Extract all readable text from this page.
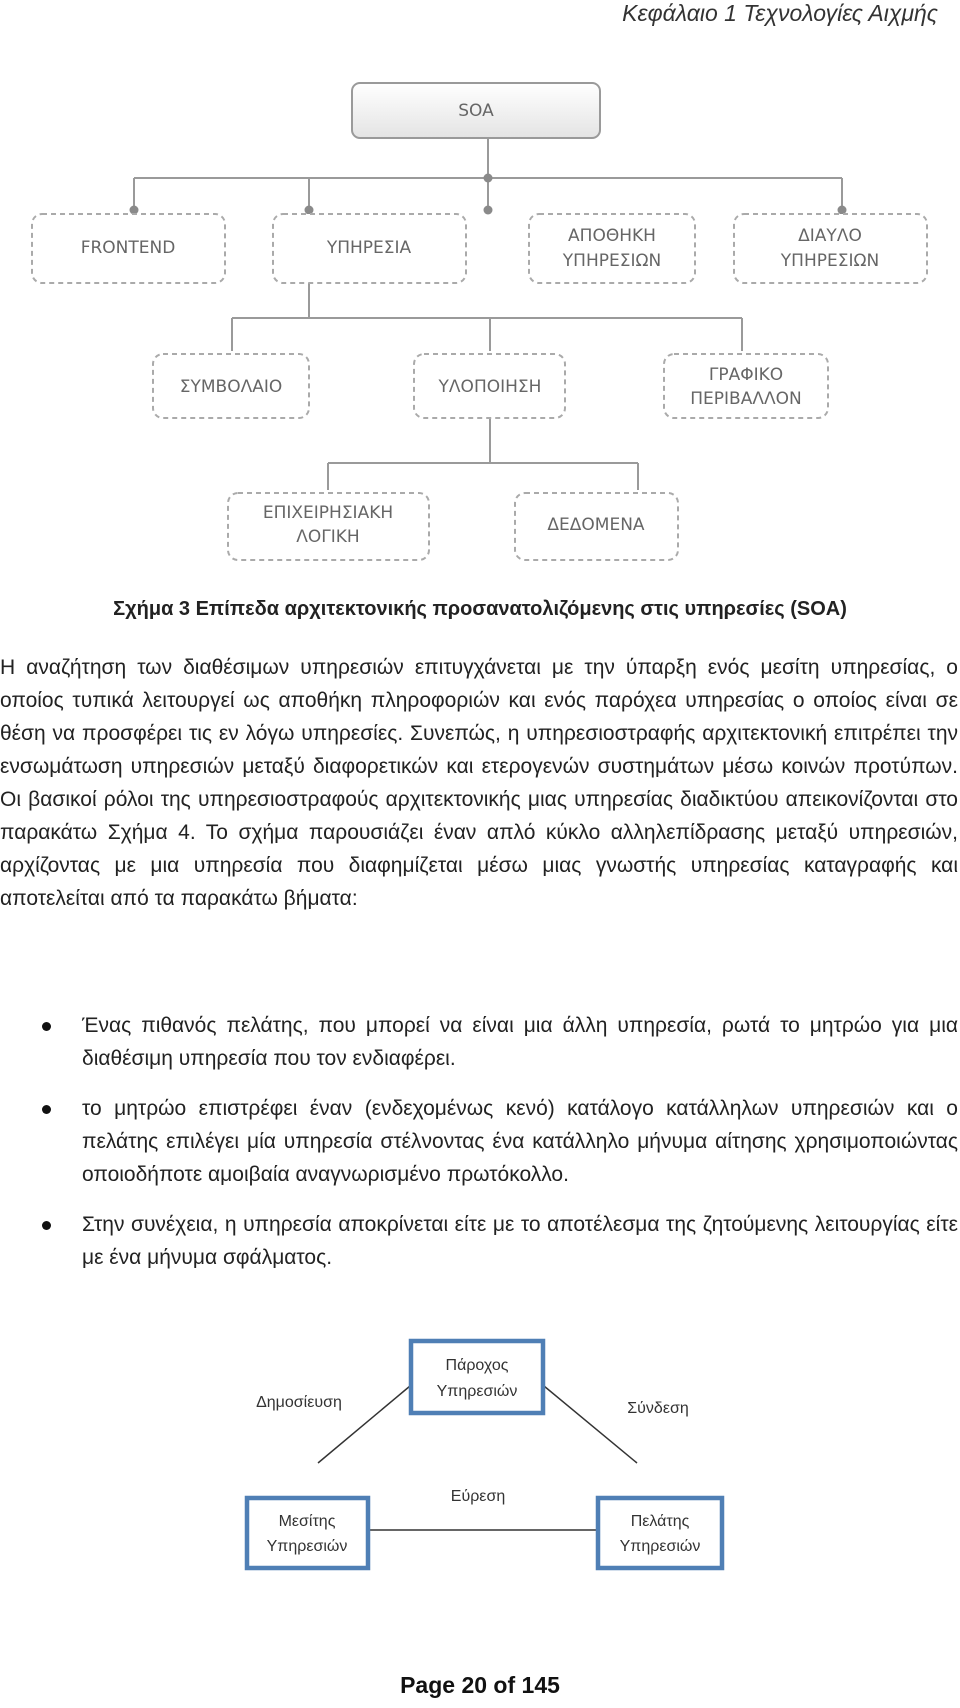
Κεφάλαιο 1 Τεχνολογίες Αιχμής
SOA
FRONTEND	ΥΠΗΡΕΣΙΑ
ΑΠΟΘΗΚΗ
ΥΠΗΡΕΣΙΩΝ
ΔΙΑΥΛΟ
ΥΠΗΡΕΣΙΩΝ
ΣΥΜΒΟΛΑΙΟ	ΥΛΟΠΟΙΗΣΗ
ΓΡΑΦΙΚΟ
ΠΕΡΙΒΑΛΛΟΝ
ΕΠΙΧΕΙΡΗΣΙΑΚΗ
ΛΟΓΙΚΗ
ΔΕΔΟΜΕΝΑ
Πάροχος
Υπηρεσιών
Μεσίτης
Υπηρεσιών
Πελάτης
Υπηρεσιών
Δημοσίευση	Σύνδεση
Εύρεση
Σχήμα 3 Επίπεδα αρχιτεκτονικής προσανατολιζόμενης στις υπηρεσίες (SOA)
Η αναζήτηση των διαθέσιμων υπηρεσιών επιτυγχάνεται με την ύπαρξη ενός μεσίτη υπηρεσίας, ο οποίος τυπικά λειτουργεί ως αποθήκη πληροφοριών και ενός παρόχεα υπηρεσίας ο οποίος είναι σε θέση να προσφέρει τις εν λόγω υπηρεσίες. Συνεπώς, η υπηρεσιοστραφής αρχιτεκτονική επιτρέπει την ενσωμάτωση υπηρεσιών μεταξύ διαφορετικών και ετερογενών συστημάτων μέσω κοινών προτύπων. Οι βασικοί ρόλοι της υπηρεσιοστραφούς αρχιτεκτονικής μιας υπηρεσίας διαδικτύου απεικονίζονται στο παρακάτω Σχήμα 4. Το σχήμα παρουσιάζει έναν απλό κύκλο αλληλεπίδρασης μεταξύ υπηρεσιών, αρχίζοντας με μια υπηρεσία που διαφημίζεται μέσω μιας γνωστής υπηρεσίας καταγραφής και αποτελείται από τα παρακάτω βήματα:
Ένας πιθανός πελάτης, που μπορεί να είναι μια άλλη υπηρεσία, ρωτά το μητρώο για μια διαθέσιμη υπηρεσία που τον ενδιαφέρει.
το μητρώο επιστρέφει έναν (ενδεχομένως κενό) κατάλογο κατάλληλων υπηρεσιών και ο πελάτης επιλέγει μία υπηρεσία στέλνοντας ένα κατάλληλο μήνυμα αίτησης χρησιμοποιώντας οποιοδήποτε αμοιβαία αναγνωρισμένο πρωτόκολλο.
Στην συνέχεια, η υπηρεσία αποκρίνεται είτε με το αποτέλεσμα της ζητούμενης λειτουργίας είτε με ένα μήνυμα σφάλματος.
Page 20 of 145
